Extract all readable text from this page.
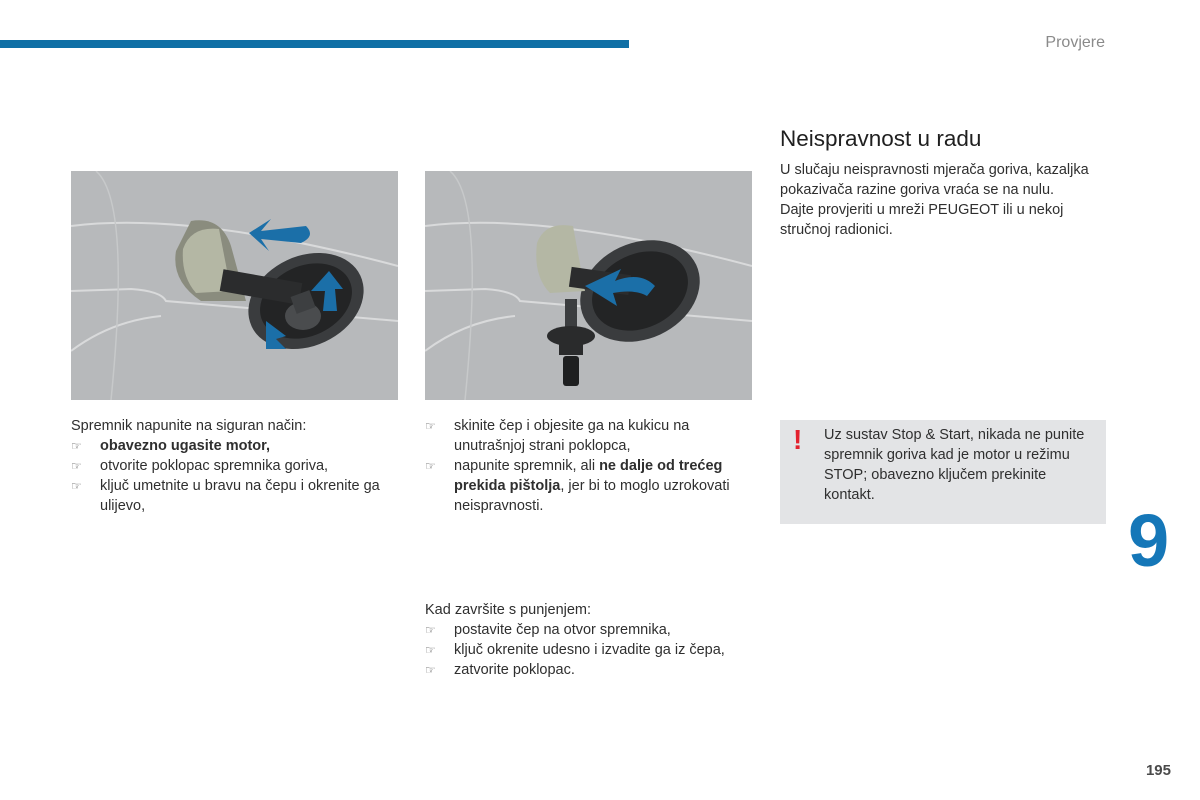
Provjere

Spremnik napunite na siguran način:

☞ obavezno ugasite motor,
☞ otvorite poklopac spremnika goriva,
☞ ključ umetnite u bravu na čepu i okrenite ga ulijevo,
☞ skinite čep i objesite ga na kukicu na unutrašnjoj strani poklopca,
☞ napunite spremnik, ali ne dalje od trećeg prekida pištolja, jer bi to moglo uzrokovati neispravnosti.

Kad završite s punjenjem:

☞ postavite čep na otvor spremnika,
☞ ključ okrenite udesno i izvadite ga iz čepa,
☞ zatvorite poklopac.
Neispravnost u radu

U slučaju neispravnosti mjerača goriva, kazaljka pokazivača razine goriva vraća se na nulu.

Dajte provjeriti u mreži PEUGEOT ili u nekoj stručnoj radionici.

! Uz sustav Stop & Start, nikada ne punite spremnik goriva kad je motor u režimu STOP; obavezno ključem prekinite kontakt.
9
195
